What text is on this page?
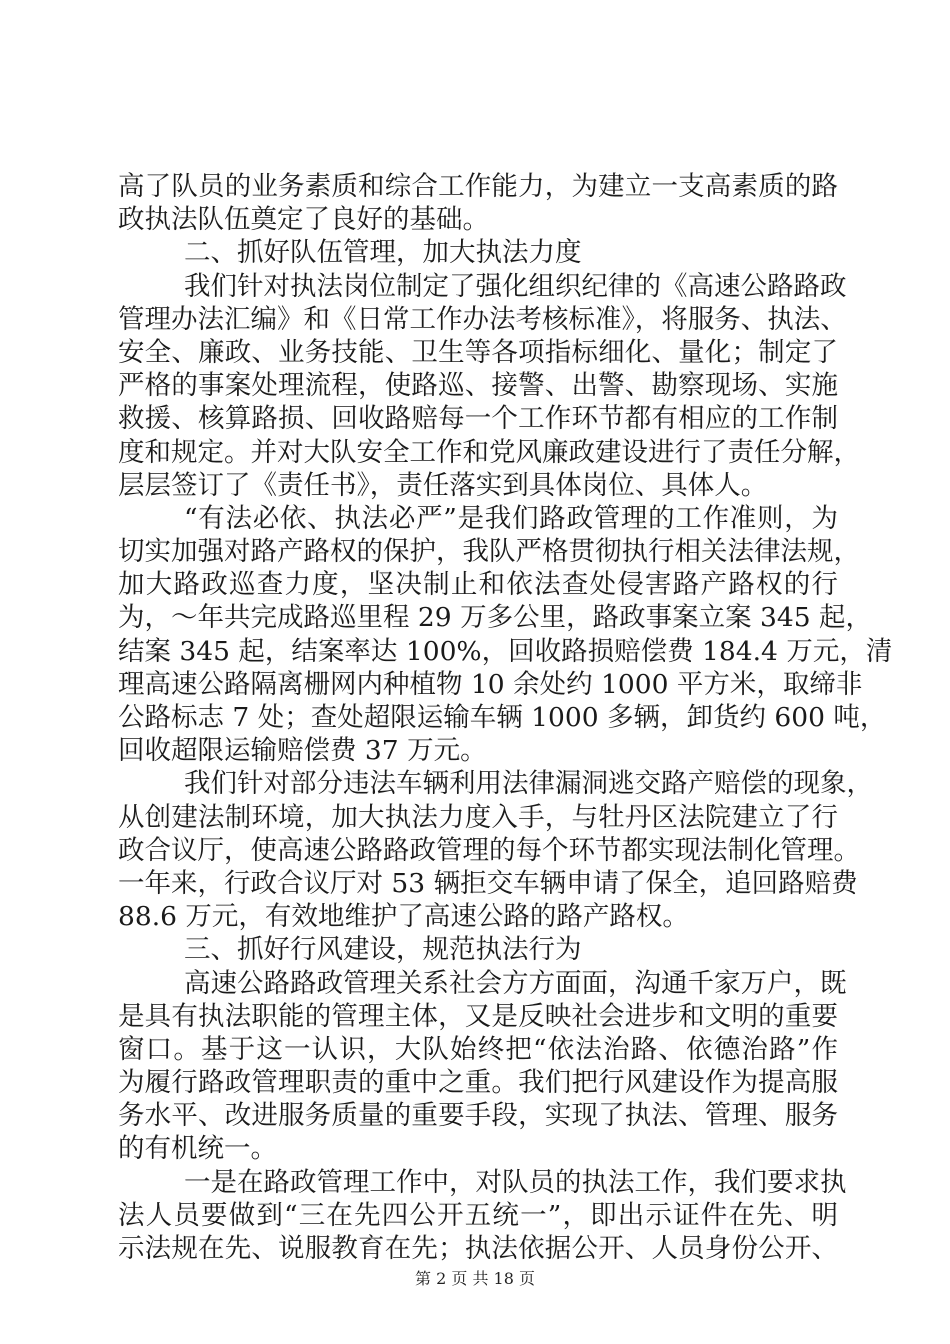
高了队员的业务素质和综合工作能力，为建立一支高素质的路
政执法队伍奠定了良好的基础。
二、抓好队伍管理，加大执法力度
我们针对执法岗位制定了强化组织纪律的《高速公路路政
管理办法汇编》和《日常工作办法考核标准》，将服务、执法、
安全、廉政、业务技能、卫生等各项指标细化、量化；制定了
严格的事案处理流程，使路巡、接警、出警、勘察现场、实施
救援、核算路损、回收路赔每一个工作环节都有相应的工作制
度和规定。并对大队安全工作和党风廉政建设进行了责任分解，
层层签订了《责任书》，责任落实到具体岗位、具体人。
“有法必依、执法必严”是我们路政管理的工作准则，为
切实加强对路产路权的保护，我队严格贯彻执行相关法律法规，
加大路政巡查力度，坚决制止和依法查处侵害路产路权的行
为，～年共完成路巡里程 29 万多公里，路政事案立案 345 起，
结案 345 起，结案率达 100%，回收路损赔偿费 184.4 万元，清
理高速公路隔离栅网内种植物 10 余处约 1000 平方米，取缔非
公路标志 7 处；查处超限运输车辆 1000 多辆，卸货约 600 吨，
回收超限运输赔偿费 37 万元。
我们针对部分违法车辆利用法律漏洞逃交路产赔偿的现象，
从创建法制环境，加大执法力度入手，与牡丹区法院建立了行
政合议厅，使高速公路路政管理的每个环节都实现法制化管理。
一年来，行政合议厅对 53 辆拒交车辆申请了保全，追回路赔费
88.6 万元，有效地维护了高速公路的路产路权。
三、抓好行风建设，规范执法行为
高速公路路政管理关系社会方方面面，沟通千家万户，既
是具有执法职能的管理主体，又是反映社会进步和文明的重要
窗口。基于这一认识，大队始终把“依法治路、依德治路”作
为履行路政管理职责的重中之重。我们把行风建设作为提高服
务水平、改进服务质量的重要手段，实现了执法、管理、服务
的有机统一。
一是在路政管理工作中，对队员的执法工作，我们要求执
法人员要做到“三在先四公开五统一”，即出示证件在先、明
示法规在先、说服教育在先；执法依据公开、人员身份公开、
第 2 页 共 18 页
